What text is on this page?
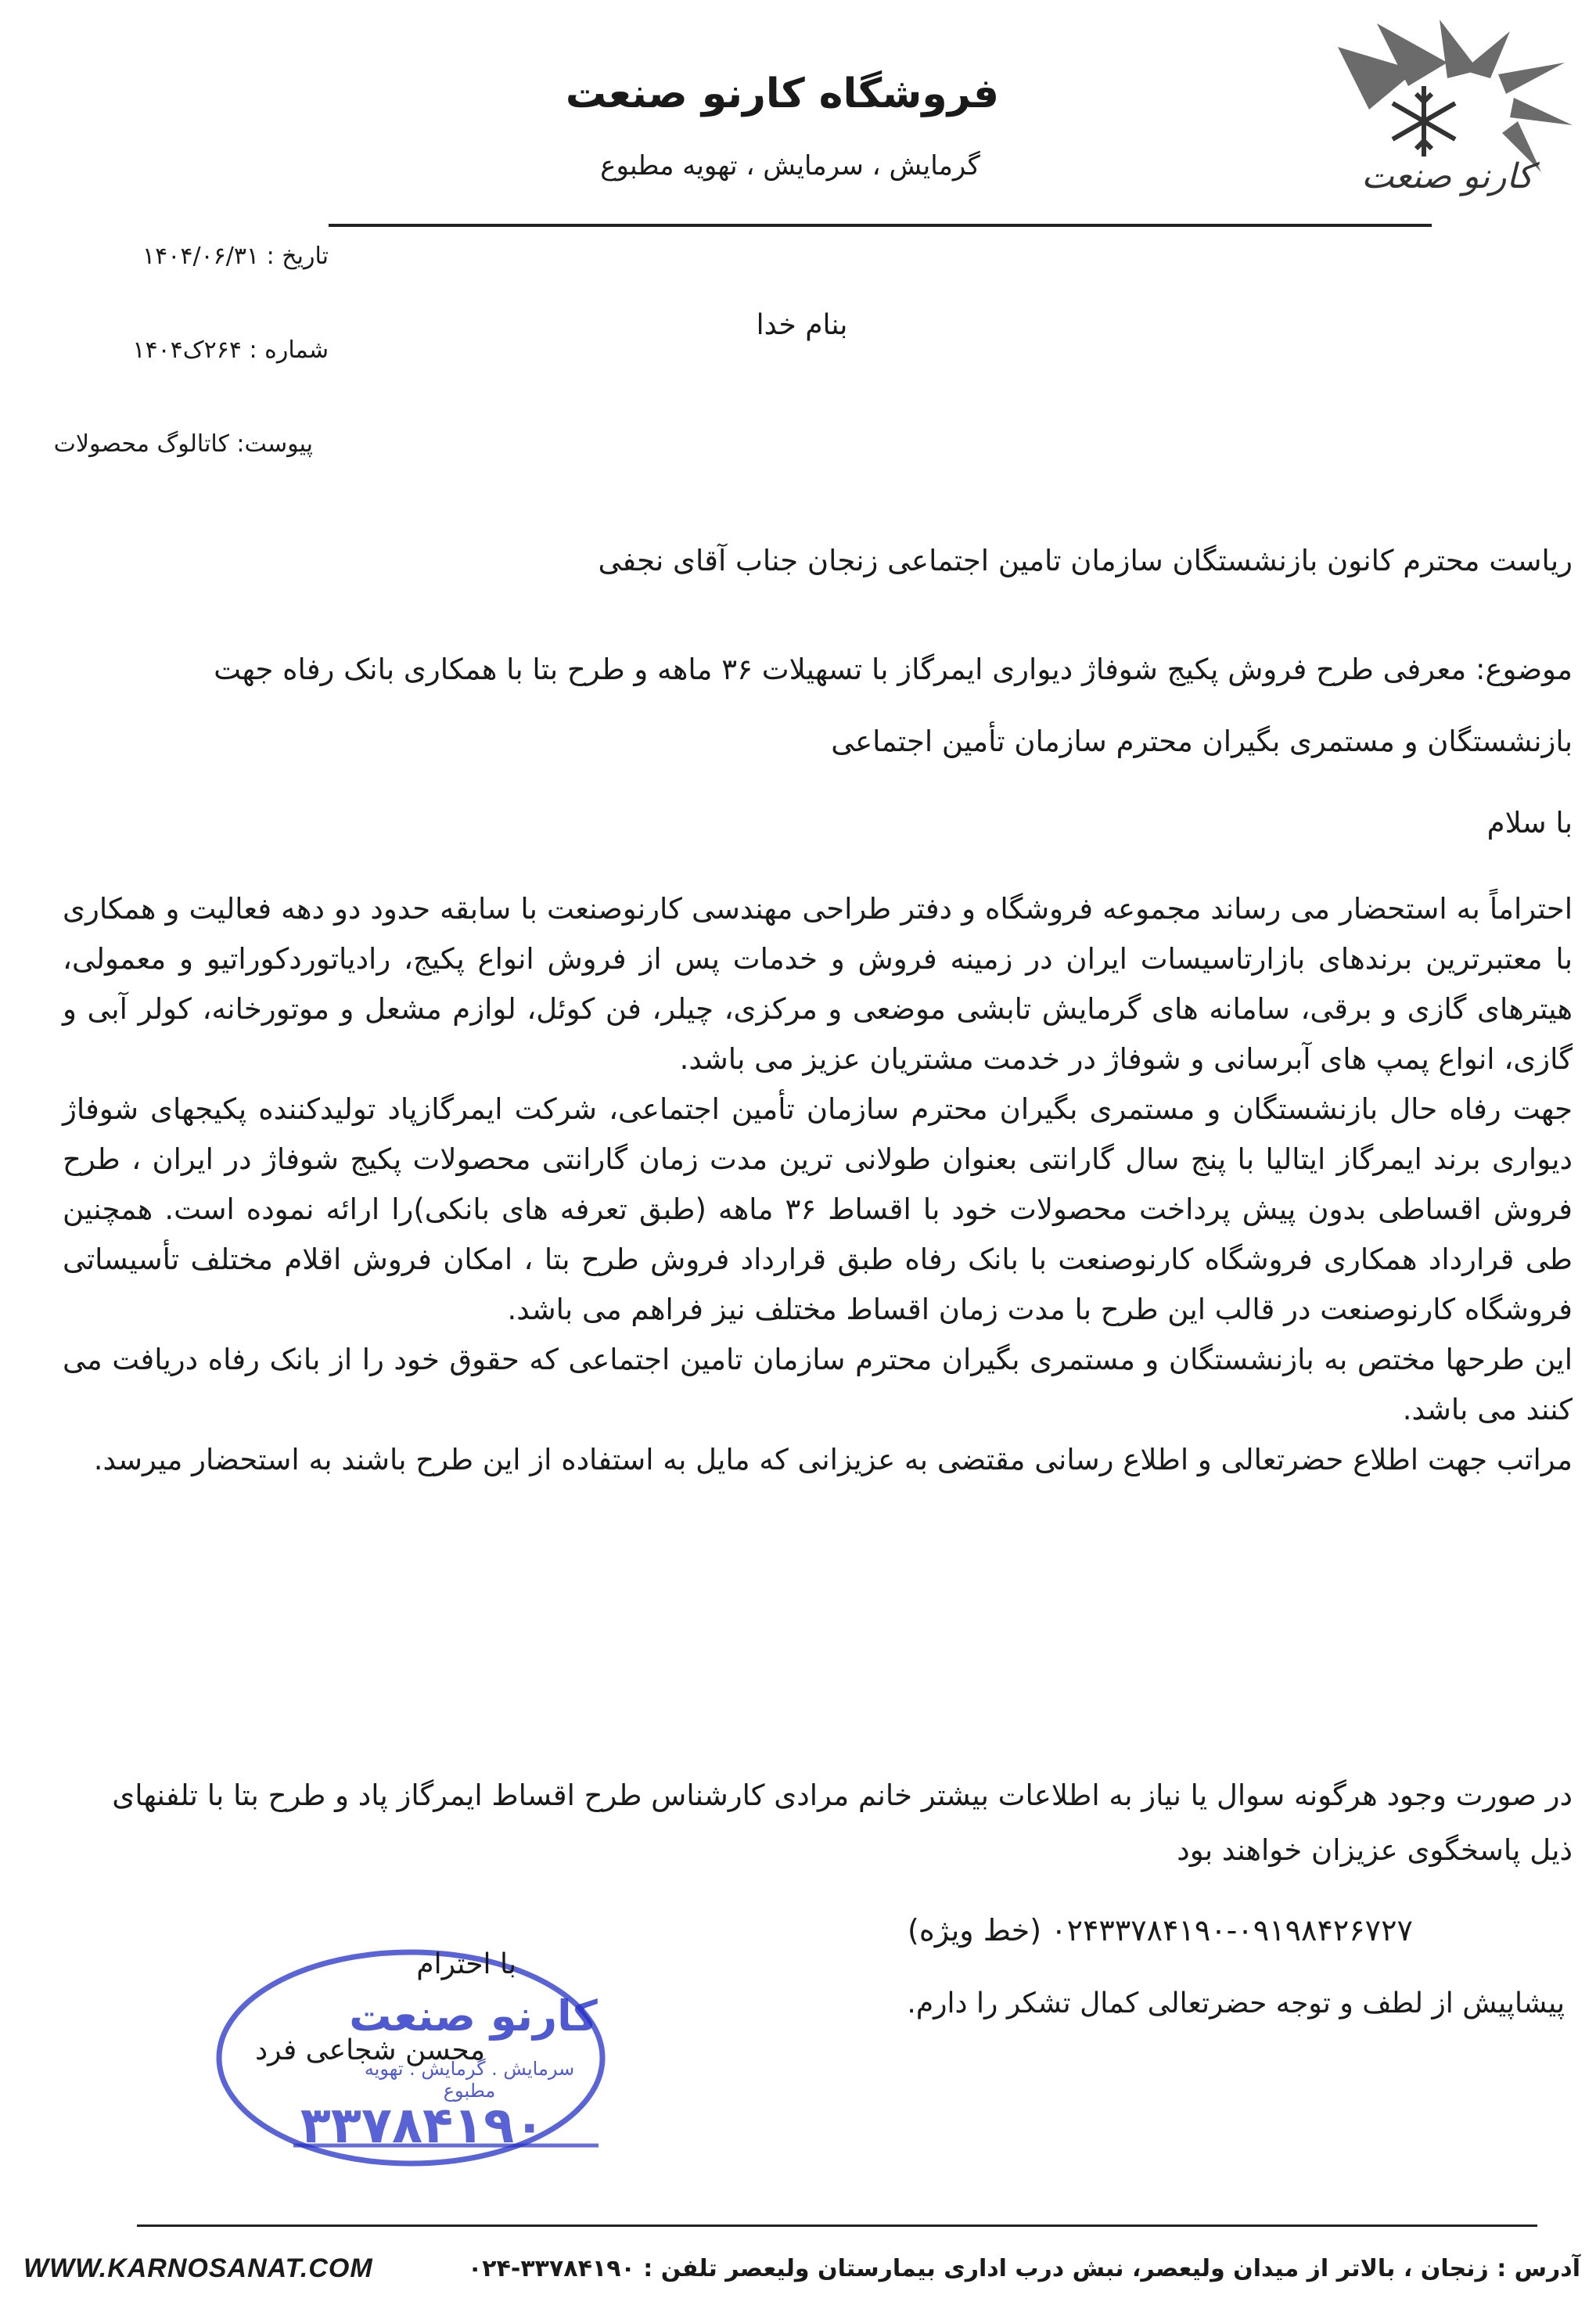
کارنو صنعت
فروشگاه کارنو صنعت
گرمایش ، سرمایش ، تهویه مطبوع
تاریخ : ۱۴۰۴/۰۶/۳۱
بنام خدا
شماره : ۲۶۴ک۱۴۰۴
پیوست: کاتالوگ محصولات
ریاست محترم کانون بازنشستگان سازمان تامین اجتماعی زنجان جناب آقای نجفی
موضوع: معرفی طرح فروش پکیج شوفاژ دیواری ایمرگاز با تسهیلات ۳۶ ماهه و طرح بتا با همکاری بانک رفاه جهت بازنشستگان و مستمری بگیران محترم سازمان تأمین اجتماعی
با سلام

احتراماً به استحضار می رساند مجموعه فروشگاه و دفتر طراحی مهندسی کارنوصنعت با سابقه حدود دو دهه فعالیت و همکاری با معتبرترین برندهای بازارتاسیسات ایران در زمینه فروش و خدمات پس از فروش انواع پکیج، رادیاتوردکوراتیو و معمولی، هیترهای گازی و برقی، سامانه های گرمایش تابشی موضعی و مرکزی، چیلر، فن کوئل، لوازم مشعل و موتورخانه، کولر آبی و گازی، انواع پمپ های آبرسانی و شوفاژ در خدمت مشتریان عزیز می باشد.

جهت رفاه حال بازنشستگان و مستمری بگیران محترم سازمان تأمین اجتماعی، شرکت ایمرگازپاد تولیدکننده پکیجهای شوفاژ دیواری برند ایمرگاز ایتالیا با پنج سال گارانتی بعنوان طولانی ترین مدت زمان گارانتی محصولات پکیج شوفاژ در ایران ، طرح فروش اقساطی بدون پیش پرداخت محصولات خود با اقساط ۳۶ ماهه (طبق تعرفه های بانکی)را ارائه نموده است. همچنین طی قرارداد همکاری فروشگاه کارنوصنعت با بانک رفاه طبق قرارداد فروش طرح بتا ، امکان فروش اقلام مختلف تأسیساتی فروشگاه کارنوصنعت در قالب این طرح با مدت زمان اقساط مختلف نیز فراهم می باشد.

این طرحها مختص به بازنشستگان و مستمری بگیران محترم سازمان تامین اجتماعی که حقوق خود را از بانک رفاه دریافت می کنند می باشد.

مراتب جهت اطلاع حضرتعالی و اطلاع رسانی مقتضی به عزیزانی که مایل به استفاده از این طرح باشند به استحضار میرسد.

در صورت وجود هرگونه سوال یا نیاز به اطلاعات بیشتر خانم مرادی کارشناس طرح اقساط ایمرگاز پاد و طرح بتا با تلفنهای ذیل پاسخگوی عزیزان خواهند بود
۰۲۴۳۳۷۸۴۱۹۰-۰۹۱۹۸۴۲۶۷۲۷ (خط ویژه)
کارنو صنعت
سرمایش . گرمایش . تهویه مطبوع
۳۳۷۸۴۱۹۰
با احترام
پیشاپیش از لطف و توجه حضرتعالی کمال تشکر را دارم.
محسن شجاعی فرد
WWW.KARNOSANAT.COM	آدرس : زنجان ، بالاتر از میدان ولیعصر، نبش درب اداری بیمارستان ولیعصر تلفن : ۳۳۷۸۴۱۹۰-۰۲۴
